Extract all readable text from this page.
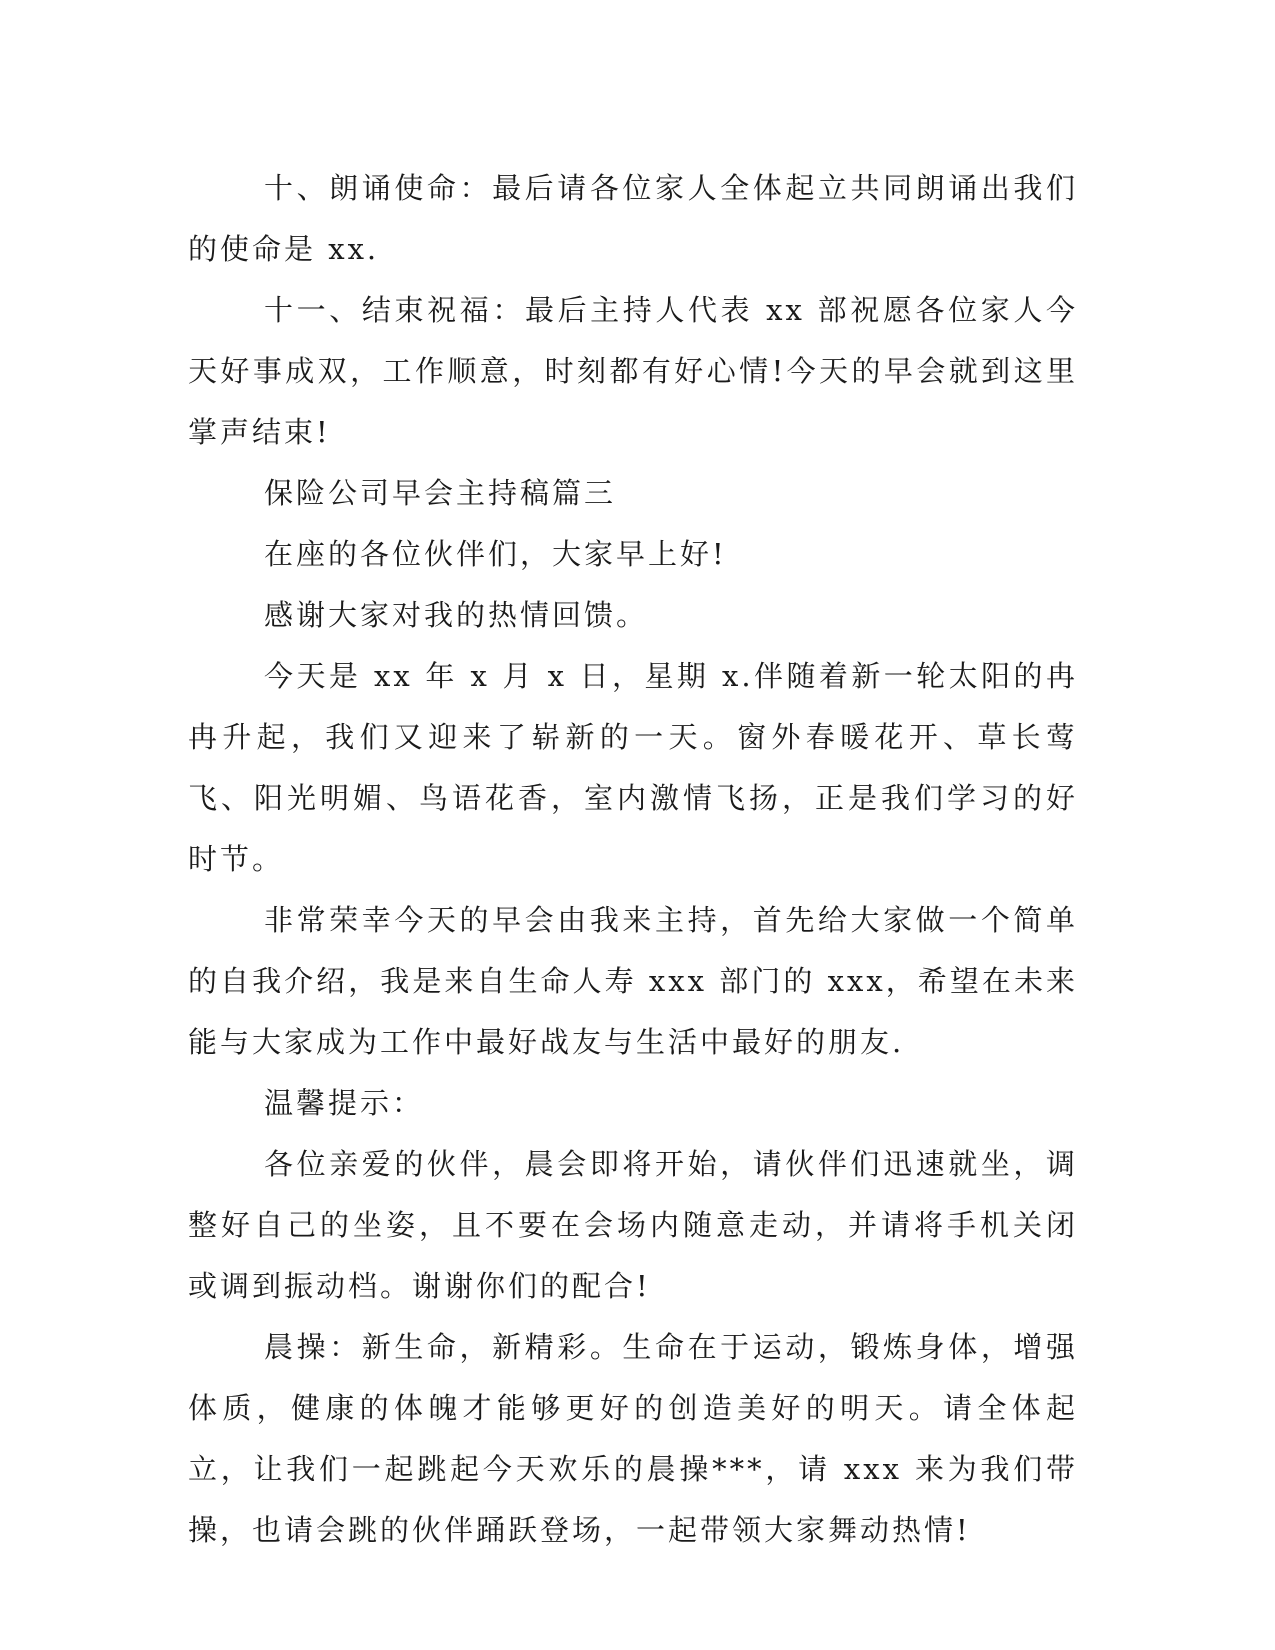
十、朗诵使命：最后请各位家人全体起立共同朗诵出我们的使命是 xx.

十一、结束祝福：最后主持人代表 xx 部祝愿各位家人今天好事成双，工作顺意，时刻都有好心情!今天的早会就到这里掌声结束!

保险公司早会主持稿篇三

在座的各位伙伴们，大家早上好!

感谢大家对我的热情回馈。

今天是 xx 年 x 月 x 日，星期 x.伴随着新一轮太阳的冉冉升起，我们又迎来了崭新的一天。窗外春暖花开、草长莺飞、阳光明媚、鸟语花香，室内激情飞扬，正是我们学习的好时节。

非常荣幸今天的早会由我来主持，首先给大家做一个简单的自我介绍，我是来自生命人寿 xxx 部门的 xxx，希望在未来能与大家成为工作中最好战友与生活中最好的朋友.

温馨提示：

各位亲爱的伙伴，晨会即将开始，请伙伴们迅速就坐，调整好自己的坐姿，且不要在会场内随意走动，并请将手机关闭或调到振动档。谢谢你们的配合!

晨操：新生命，新精彩。生命在于运动，锻炼身体，增强体质，健康的体魄才能够更好的创造美好的明天。请全体起立，让我们一起跳起今天欢乐的晨操***，请 xxx 来为我们带操，也请会跳的伙伴踊跃登场，一起带领大家舞动热情!
